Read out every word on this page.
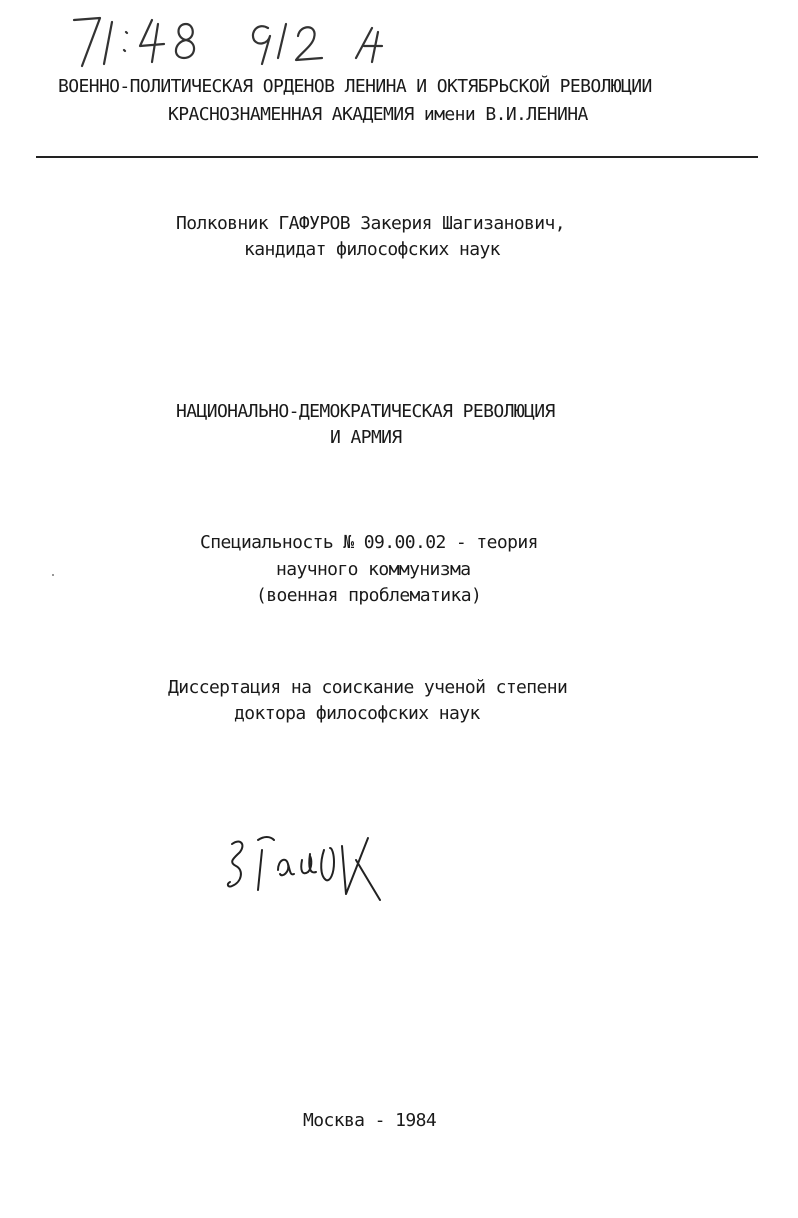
ВОЕННО-ПОЛИТИЧЕСКАЯ ОРДЕНОВ ЛЕНИНА И ОКТЯБРЬСКОЙ РЕВОЛЮЦИИ
КРАСНОЗНАМЕННАЯ АКАДЕМИЯ имени В.И.ЛЕНИНА
Полковник ГАФУРОВ Закерия Шагизанович,
кандидат философских наук
НАЦИОНАЛЬНО-ДЕМОКРАТИЧЕСКАЯ РЕВОЛЮЦИЯ
И АРМИЯ
Специальность № 09.00.02 - теория
научного коммунизма
(военная проблематика)
Диссертация на соискание ученой степени
доктора философских наук
Москва - 1984
